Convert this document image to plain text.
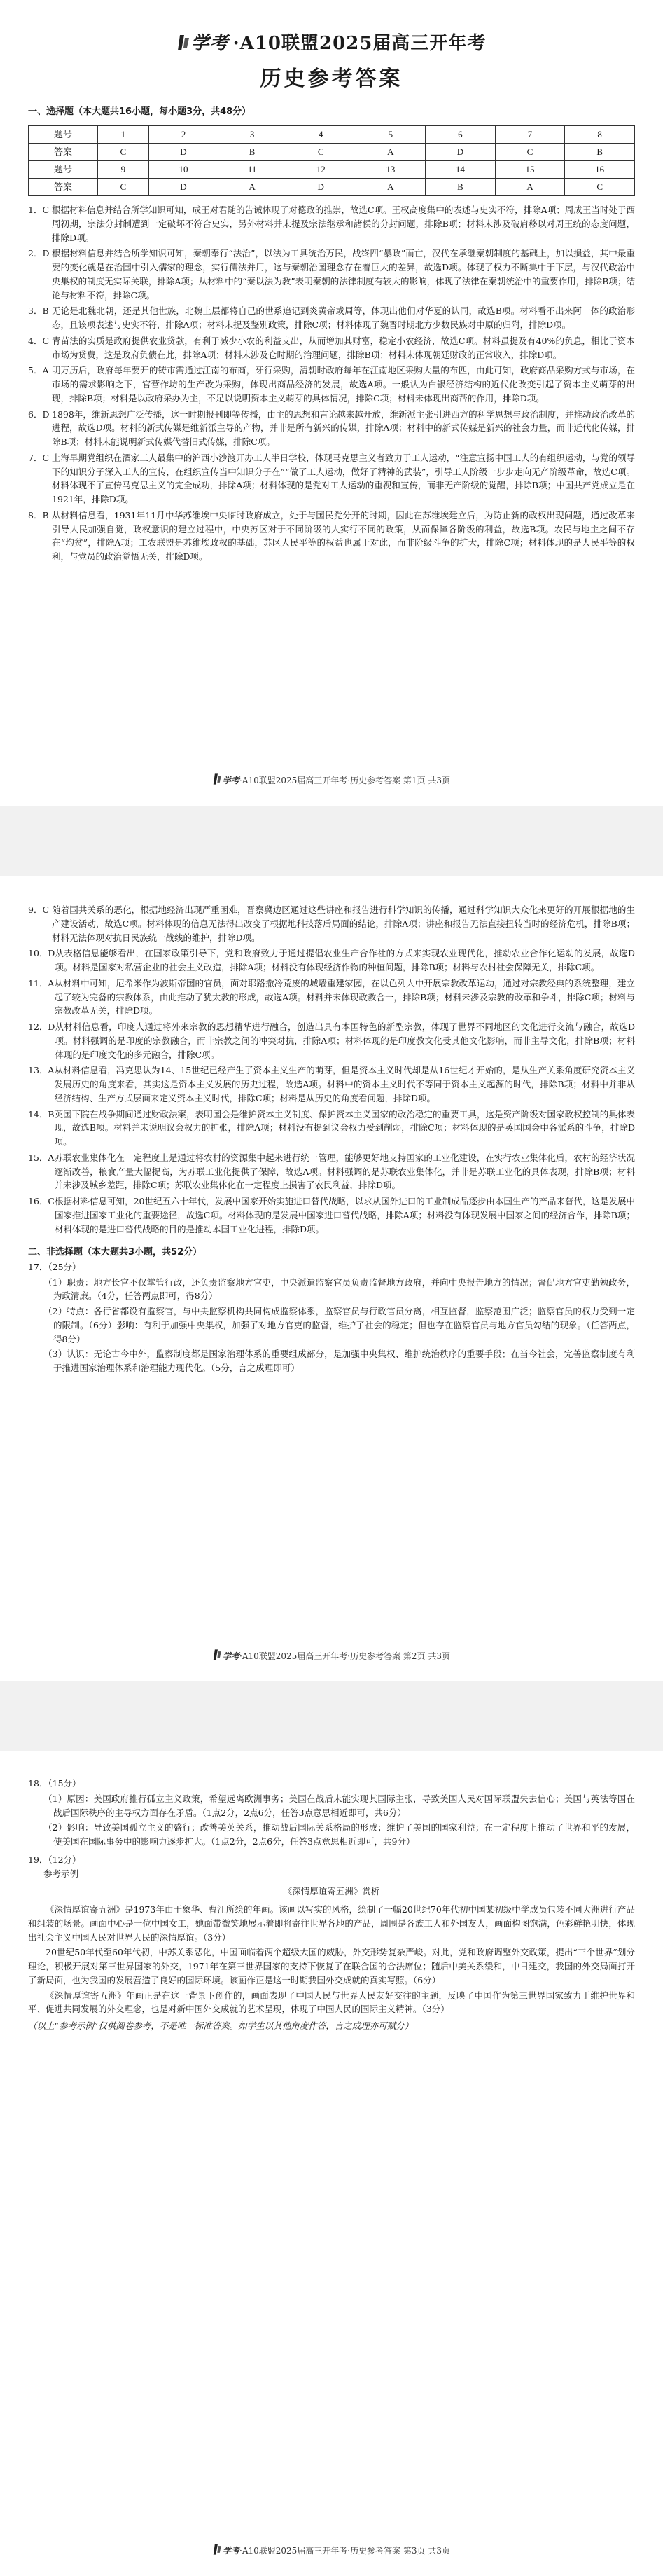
学考 ·A10联盟2025届高三开年考
历史参考答案
一、选择题（本大题共16小题，每小题3分，共48分）
题号	1	2	3	4	5	6	7	8
答案	C	D	B	C	A	D	C	B
题号	9	10	11	12	13	14	15	16
答案	C	D	A	D	A	B	A	C
1．C 根据材料信息并结合所学知识可知，成王对君随的告诫体现了对德政的推崇，故选C项。王权高度集中的表述与史实不符，排除A项；周成王当时处于西周初期，宗法分封制遭到一定破坏不符合史实，另外材料并未提及宗法继承和諸侯的分封问题，排除B项；材料未涉及破肩移以对周王统的态度问题，排除D项。
2．D 根据材料信息并结合所学知识可知，秦朝奉行“法治”，以法为工具统治万民，战终四“暴政”而亡，汉代在承继秦朝制度的基础上，加以损益，其中最重要的变化就是在治国中引入儒家的理念，实行儒法并用，这与秦朝治国理念存在着巨大的差异，故选D项。体现了权力不断集中于下层，与汉代政治中央集权的制度无实际关联，排除A项；从材料中的“秦以法为教”表明秦朝的法律制度有较大的影响，体现了法律在秦朝统治中的重要作用，排除B项；结论与材料不符，排除C项。
3．B 无论是北魏北朝，还是其他世族，北魏上层都将自己的世系追记到炎黄帝或周等，体现出他们对华夏的认同，故选B项。材料看不出来阿一体的政治形态，且该项表述与史实不符，排除A项；材料未提及鉴别政策，排除C项；材料体现了魏晋时期北方少数民族对中原的归附，排除D项。
4．C 青苗法的实质是政府提供农业贷款，有利于减少小农的利益支出，从而增加其财富，稳定小农经济，故选C项。材料虽提及有40%的负息，相比于资本市场为贷费，这是政府负债在此，排除A项；材料未涉及仓时期的治理问题，排除B项；材料未体现朝廷财政的正常收入，排除D项。
5．A 明万历后，政府每年要开的铸市需通过江南的布商，牙行采购，清朝时政府每年在江南地区采购大量的布匹，由此可知，政府商品采购方式与市场，在市场的需求影响之下，官营作坊的生产改为采购，体现出商品经济的发展，故选A项。一般认为白银经济结构的近代化改变引起了资本主义萌芽的出现，排除B项；材料是以政府采办为主，不足以说明资本主义萌芽的具体情况，排除C项；材料未体现出商帮的作用，排除D项。
6．D 1898年，维新思想广泛传播，这一时期报刊即等传播，由主的思想和言论越来越开放，维新派主张引进西方的科学思想与政治制度，并推动政治改革的进程，故选D项。材料的新式传媒是维新派主导的产物，并非是所有新兴的传媒，排除A项；材料中的新式传媒是新兴的社会力量，而非近代化传媒，排除B项；材料未能说明新式传媒代替旧式传媒，排除C项。
7．C 上海早期党组织在酒家工人最集中的沪西小沙渡开办工人半日学校，体现马克思主义者致力于工人运动，“注意宣扬中国工人的有组织运动，与党的领导下的知识分子深入工人的宣传，在组织宣传当中知识分子在”“做了工人运动，做好了精神的武装”，引导工人阶级一步步走向无产阶级革命，故选C项。材料体现不了宣传马克思主义的完全成功，排除A项；材料体现的是党对工人运动的重视和宣传，而非无产阶级的觉醒，排除B项；中国共产党成立是在1921年，排除D项。
8．B 从材料信息看，1931年11月中华苏维埃中央临时政府成立，处于与国民党分开的时期，因此在苏维埃建立后，为防止新的政权出现问题，通过改革来引导人民加强自觉，政权意识的建立过程中，中央苏区对于不同阶级的人实行不同的政策，从而保障各阶级的利益，故选B项。农民与地主之间不存在“均贫”，排除A项；工农联盟是苏维埃政权的基础，苏区人民平等的权益也属于对此，而非阶级斗争的扩大，排除C项；材料体现的是人民平等的权利，与党员的政治觉悟无关，排除D项。
学考·A10联盟2025届高三开年考·历史参考答案 第1页 共3页
9．C 随着国共关系的恶化，根据地经济出现严重困难，晋察冀边区通过这些讲座和报告进行科学知识的传播，通过科学知识大众化来更好的开展根据地的生产建设活动，故选C项。材料体现的信息无法得出改变了根据地科技落后局面的结论，排除A项；讲座和报告无法直接扭转当时的经济危机，排除B项；材料无法体现对抗日民族统一战线的维护，排除D项。
10．D 从表格信息能够看出，在国家政策引导下，党和政府致力于通过提倡农业生产合作社的方式来实现农业现代化，推动农业合作化运动的发展，故选D项。材料是国家对私营企业的社会主义改造，排除A项；材料没有体现经济作物的种植问题，排除B项；材料与农村社会保障无关，排除C项。
11．A 从材料中可知，尼希米作为波斯帝国的官员，面对耶路撒冷荒废的城墙重建家园，在以色列人中开展宗教改革运动，通过对宗教经典的系统整理，建立起了较为完备的宗教体系，由此推动了犹太教的形成，故选A项。材料并未体现政教合一，排除B项；材料未涉及宗教的改革和争斗，排除C项；材料与宗教改革无关，排除D项。
12．D 从材料信息看，印度人通过将外来宗教的思想精华进行融合，创造出具有本国特色的新型宗教，体现了世界不同地区的文化进行交流与融合，故选D项。材料强调的是印度的宗教融合，而非宗教之间的冲突对抗，排除A项；材料体现的是印度教文化受其他文化影响，而非主导文化，排除B项；材料体现的是印度文化的多元融合，排除C项。
13．A 从材料信息看，冯克思认为14、15世纪已经产生了资本主义生产的萌芽，但是资本主义时代却是从16世纪才开始的，是从生产关系角度研究资本主义发展历史的角度来看，其实这是资本主义发展的历史过程，故选A项。材料中的资本主义时代不等同于资本主义起源的时代，排除B项；材料中并非从经济结构、生产方式层面来定义资本主义时代，排除C项；材料是从历史的角度看问题，排除D项。
14．B 英国下院在战争期间通过财政法案，表明国会是维护资本主义制度、保护资本主义国家的政治稳定的重要工具，这是资产阶级对国家政权控制的具体表现，故选B项。材料并未说明议会权力的扩张，排除A项；材料没有提到议会权力受到削弱，排除C项；材料体现的是英国国会中各派系的斗争，排除D项。
15．A 苏联农业集体化在一定程度上是通过将农村的资源集中起来进行统一管理，能够更好地支持国家的工业化建设，在实行农业集体化后，农村的经济状况逐渐改善，粮食产量大幅提高，为苏联工业化提供了保障，故选A项。材料强调的是苏联农业集体化，并非是苏联工业化的具体表现，排除B项；材料并未涉及城乡差距，排除C项；苏联农业集体化在一定程度上损害了农民利益，排除D项。
16．C 根据材料信息可知，20世纪五六十年代，发展中国家开始实施进口替代战略，以求从国外进口的工业制成品逐步由本国生产的产品来替代，这是发展中国家推进国家工业化的重要途径，故选C项。材料体现的是发展中国家进口替代战略，排除A项；材料没有体现发展中国家之间的经济合作，排除B项；材料体现的是进口替代战略的目的是推动本国工业化进程，排除D项。
二、非选择题（本大题共3小题，共52分）
17．（25分）
（1）职责：地方长官不仅掌管行政，还负责监察地方官吏，中央派遣监察官员负责监督地方政府，并向中央报告地方的情况；督促地方官吏勤勉政务，为政清廉。（4分，任答两点即可，得8分）
（2）特点：各行省都设有监察官，与中央监察机构共同构成监察体系，监察官员与行政官员分离，相互监督，监察范围广泛；监察官员的权力受到一定的限制。（6分）影响：有利于加强中央集权，加强了对地方官吏的监督，维护了社会的稳定；但也存在监察官员与地方官员勾结的现象。（任答两点，得8分）
（3）认识：无论古今中外，监察制度都是国家治理体系的重要组成部分，是加强中央集权、维护统治秩序的重要手段；在当今社会，完善监察制度有利于推进国家治理体系和治理能力现代化。（5分，言之成理即可）
学考·A10联盟2025届高三开年考·历史参考答案 第2页 共3页
18．（15分）
（1）原因：美国政府推行孤立主义政策，希望远离欧洲事务；美国在战后未能实现其国际主张，导致美国人民对国际联盟失去信心；美国与英法等国在战后国际秩序的主导权方面存在矛盾。（1点2分，2点6分，任答3点意思相近即可，共6分）
（2）影响：导致美国孤立主义的盛行；改善美英关系，推动战后国际关系格局的形成；维护了美国的国家利益；在一定程度上推动了世界和平的发展，使美国在国际事务中的影响力逐步扩大。（1点2分，2点6分，任答3点意思相近即可，共9分）
19．（12分）
参考示例
《深情厚谊寄五洲》赏析
《深情厚谊寄五洲》是1973年由于象华、曹江所绘的年画。该画以写实的风格，绘制了一幅20世纪70年代初中国某初级中学成员包装不同大洲进行产品和组装的场景。画面中心是一位中国女工，她面带微笑地展示着即将寄往世界各地的产品，周围是各族工人和外国友人，画面构图饱满，色彩鲜艳明快，体现出社会主义中国人民对世界人民的深情厚谊。（3分）
20世纪50年代至60年代初，中苏关系恶化，中国面临着两个超级大国的威胁，外交形势复杂严峻。对此，党和政府调整外交政策，提出“三个世界”划分理论，积极开展对第三世界国家的外交，1971年在第三世界国家的支持下恢复了在联合国的合法席位；随后中美关系缓和，中日建交，我国的外交局面打开了新局面，也为我国的发展营造了良好的国际环境。该画作正是这一时期我国外交成就的真实写照。（6分）
《深情厚谊寄五洲》年画正是在这一背景下创作的，画面表现了中国人民与世界人民友好交往的主题，反映了中国作为第三世界国家致力于维护世界和平、促进共同发展的外交理念，也是对新中国外交成就的艺术呈现，体现了中国人民的国际主义精神。（3分）
（以上“参考示例”仅供阅卷参考，不是唯一标准答案。如学生以其他角度作答，言之成理亦可赋分）
学考·A10联盟2025届高三开年考·历史参考答案 第3页 共3页
